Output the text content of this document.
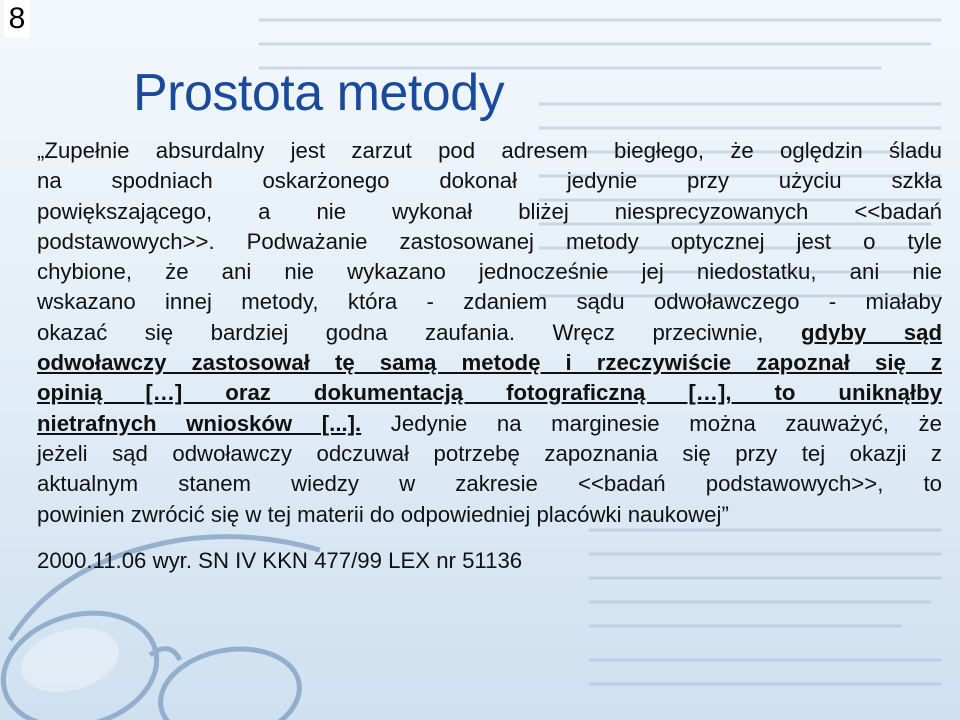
8
Prostota metody
„Zupełnie absurdalny jest zarzut pod adresem biegłego, że oględzin śladu
na spodniach oskarżonego dokonał jedynie przy użyciu szkła
powiększającego, a nie wykonał bliżej niesprecyzowanych <<badań
podstawowych>>. Podważanie zastosowanej metody optycznej jest o tyle
chybione, że ani nie wykazano jednocześnie jej niedostatku, ani nie
wskazano innej metody, która - zdaniem sądu odwoławczego - miałaby
okazać się bardziej godna zaufania. Wręcz przeciwnie, gdyby sąd
odwoławczy zastosował tę samą metodę i rzeczywiście zapoznał się z
opinią […] oraz dokumentacją fotograficzną […], to uniknąłby
nietrafnych wniosków [...]. Jedynie na marginesie można zauważyć, że
jeżeli sąd odwoławczy odczuwał potrzebę zapoznania się przy tej okazji z
aktualnym stanem wiedzy w zakresie <<badań podstawowych>>, to
powinien zwrócić się w tej materii do odpowiedniej placówki naukowej”
2000.11.06 wyr. SN IV KKN 477/99 LEX nr 51136
